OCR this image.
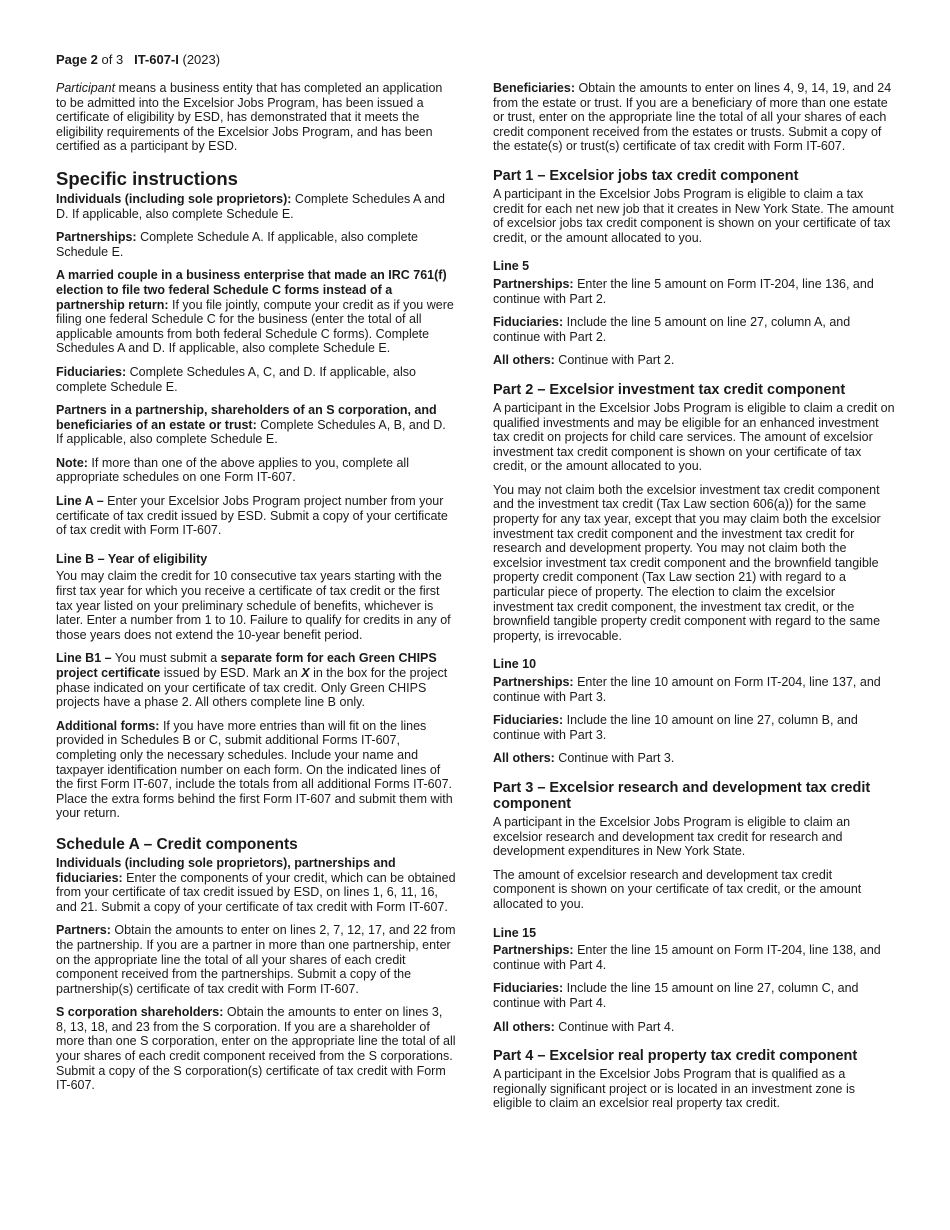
Page 2 of 3 IT-607-I (2023)

Participant means a business entity that has completed an application to be admitted into the Excelsior Jobs Program, has been issued a certificate of eligibility by ESD, has demonstrated that it meets the eligibility requirements of the Excelsior Jobs Program, and has been certified as a participant by ESD.

Specific instructions

Individuals (including sole proprietors): Complete Schedules A and D. If applicable, also complete Schedule E.

Partnerships: Complete Schedule A. If applicable, also complete Schedule E.

A married couple in a business enterprise that made an IRC 761(f) election to file two federal Schedule C forms instead of a partnership return: If you file jointly, compute your credit as if you were filing one federal Schedule C for the business (enter the total of all applicable amounts from both federal Schedule C forms). Complete Schedules A and D. If applicable, also complete Schedule E.

Fiduciaries: Complete Schedules A, C, and D. If applicable, also complete Schedule E.

Partners in a partnership, shareholders of an S corporation, and beneficiaries of an estate or trust: Complete Schedules A, B, and D. If applicable, also complete Schedule E.

Note: If more than one of the above applies to you, complete all appropriate schedules on one Form IT-607.

Line A – Enter your Excelsior Jobs Program project number from your certificate of tax credit issued by ESD. Submit a copy of your certificate of tax credit with Form IT-607.

Line B – Year of eligibility

You may claim the credit for 10 consecutive tax years starting with the first tax year for which you receive a certificate of tax credit or the first tax year listed on your preliminary schedule of benefits, whichever is later. Enter a number from 1 to 10. Failure to qualify for credits in any of those years does not extend the 10-year benefit period.

Line B1 – You must submit a separate form for each Green CHIPS project certificate issued by ESD. Mark an X in the box for the project phase indicated on your certificate of tax credit. Only Green CHIPS projects have a phase 2. All others complete line B only.

Additional forms: If you have more entries than will fit on the lines provided in Schedules B or C, submit additional Forms IT-607, completing only the necessary schedules. Include your name and taxpayer identification number on each form. On the indicated lines of the first Form IT-607, include the totals from all additional Forms IT-607. Place the extra forms behind the first Form IT-607 and submit them with your return.

Schedule A – Credit components

Individuals (including sole proprietors), partnerships and fiduciaries: Enter the components of your credit, which can be obtained from your certificate of tax credit issued by ESD, on lines 1, 6, 11, 16, and 21. Submit a copy of your certificate of tax credit with Form IT-607.

Partners: Obtain the amounts to enter on lines 2, 7, 12, 17, and 22 from the partnership. If you are a partner in more than one partnership, enter on the appropriate line the total of all your shares of each credit component received from the partnerships. Submit a copy of the partnership(s) certificate of tax credit with Form IT-607.

S corporation shareholders: Obtain the amounts to enter on lines 3, 8, 13, 18, and 23 from the S corporation. If you are a shareholder of more than one S corporation, enter on the appropriate line the total of all your shares of each credit component received from the S corporations. Submit a copy of the S corporation(s) certificate of tax credit with Form IT-607.

Beneficiaries: Obtain the amounts to enter on lines 4, 9, 14, 19, and 24 from the estate or trust. If you are a beneficiary of more than one estate or trust, enter on the appropriate line the total of all your shares of each credit component received from the estates or trusts. Submit a copy of the estate(s) or trust(s) certificate of tax credit with Form IT-607.

Part 1 – Excelsior jobs tax credit component

A participant in the Excelsior Jobs Program is eligible to claim a tax credit for each net new job that it creates in New York State. The amount of excelsior jobs tax credit component is shown on your certificate of tax credit, or the amount allocated to you.

Line 5

Partnerships: Enter the line 5 amount on Form IT-204, line 136, and continue with Part 2.

Fiduciaries: Include the line 5 amount on line 27, column A, and continue with Part 2.

All others: Continue with Part 2.

Part 2 – Excelsior investment tax credit component

A participant in the Excelsior Jobs Program is eligible to claim a credit on qualified investments and may be eligible for an enhanced investment tax credit on projects for child care services. The amount of excelsior investment tax credit component is shown on your certificate of tax credit, or the amount allocated to you.

You may not claim both the excelsior investment tax credit component and the investment tax credit (Tax Law section 606(a)) for the same property for any tax year, except that you may claim both the excelsior investment tax credit component and the investment tax credit for research and development property. You may not claim both the excelsior investment tax credit component and the brownfield tangible property credit component (Tax Law section 21) with regard to a particular piece of property. The election to claim the excelsior investment tax credit component, the investment tax credit, or the brownfield tangible property credit component with regard to the same property, is irrevocable.

Line 10

Partnerships: Enter the line 10 amount on Form IT-204, line 137, and continue with Part 3.

Fiduciaries: Include the line 10 amount on line 27, column B, and continue with Part 3.

All others: Continue with Part 3.

Part 3 – Excelsior research and development tax credit component

A participant in the Excelsior Jobs Program is eligible to claim an excelsior research and development tax credit for research and development expenditures in New York State.

The amount of excelsior research and development tax credit component is shown on your certificate of tax credit, or the amount allocated to you.

Line 15

Partnerships: Enter the line 15 amount on Form IT-204, line 138, and continue with Part 4.

Fiduciaries: Include the line 15 amount on line 27, column C, and continue with Part 4.

All others: Continue with Part 4.

Part 4 – Excelsior real property tax credit component

A participant in the Excelsior Jobs Program that is qualified as a regionally significant project or is located in an investment zone is eligible to claim an excelsior real property tax credit.
